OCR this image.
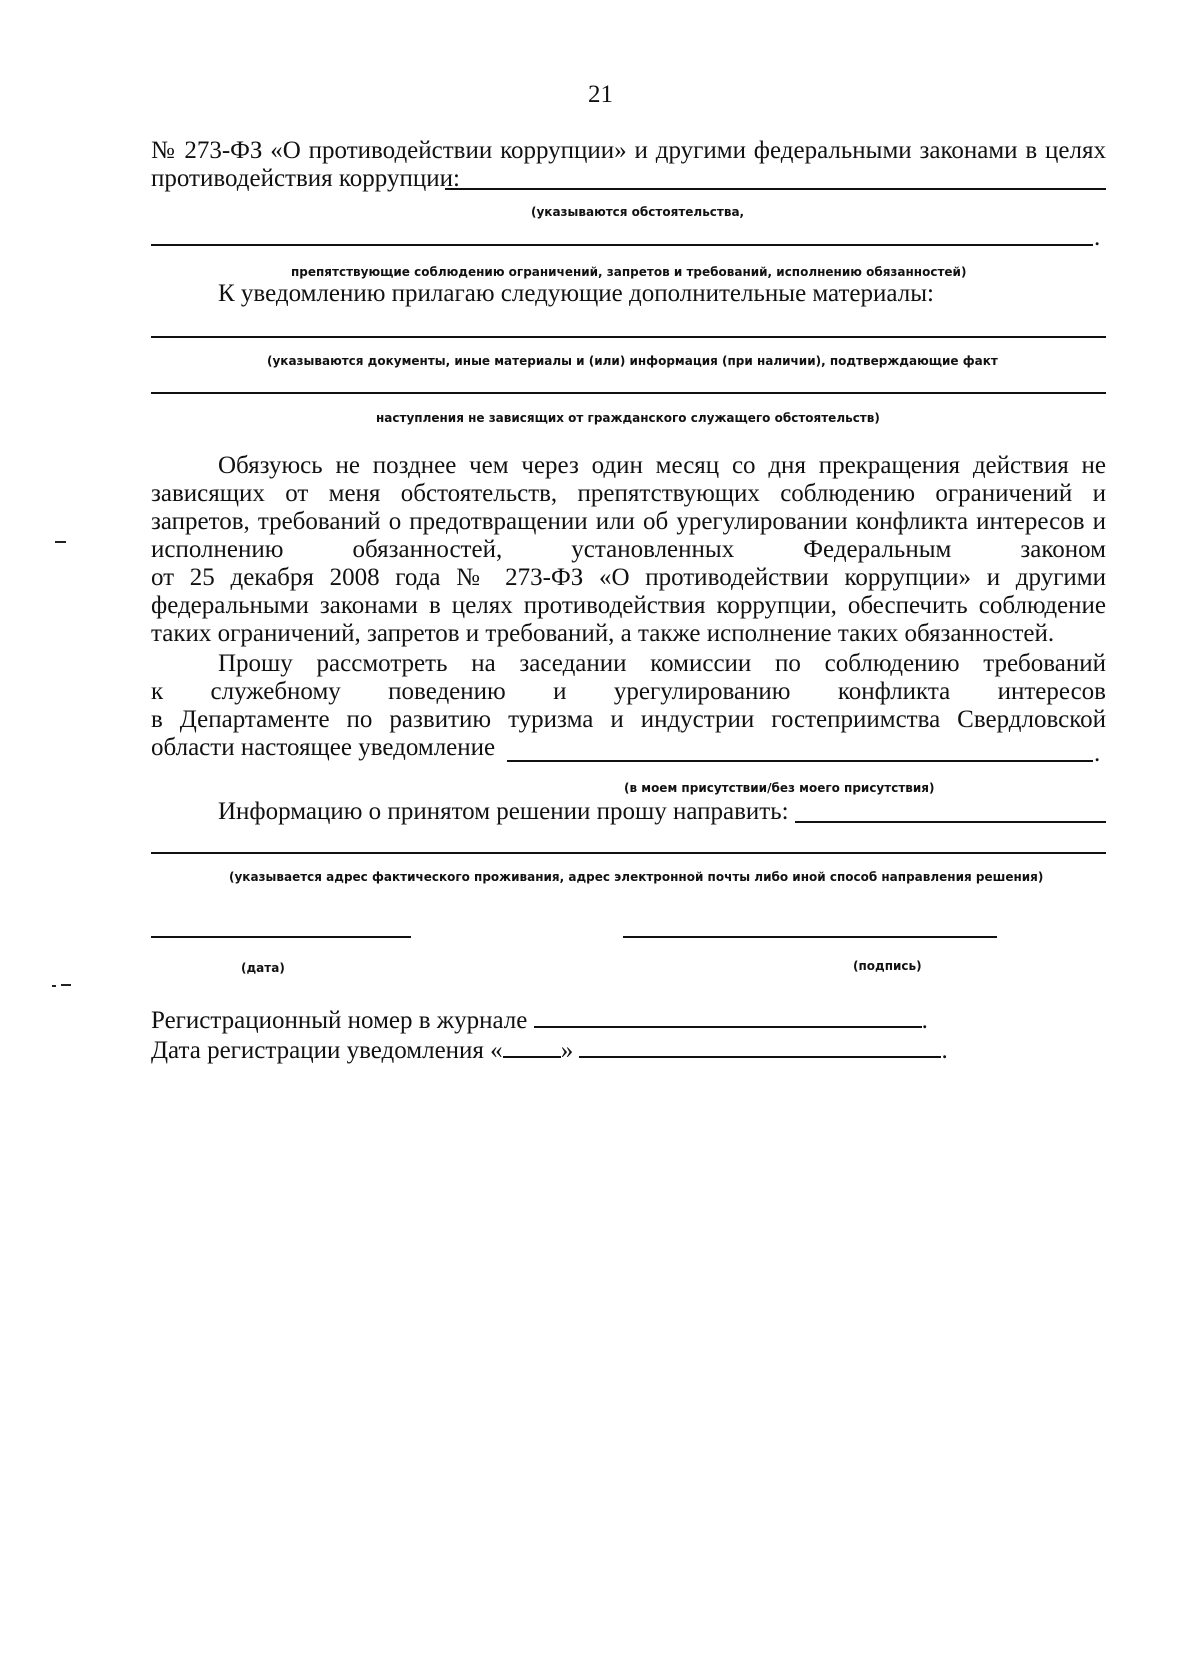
21
№ 273-ФЗ «О противодействии коррупции» и другими федеральными законами в целях
противодействия коррупции:
(указываются обстоятельства,
.
препятствующие соблюдению ограничений, запретов и требований, исполнению обязанностей)
К уведомлению прилагаю следующие дополнительные материалы:
(указываются документы, иные материалы и (или) информация (при наличии), подтверждающие факт
наступления не зависящих от гражданского служащего обстоятельств)
Обязуюсь не позднее чем через один месяц со дня прекращения действия не
зависящих от меня обстоятельств, препятствующих соблюдению ограничений и
запретов, требований о предотвращении или об урегулировании конфликта интересов и
исполнению обязанностей, установленных Федеральным законом
от 25 декабря 2008 года № 273-ФЗ «О противодействии коррупции» и другими
федеральными законами в целях противодействия коррупции, обеспечить соблюдение
таких ограничений, запретов и требований, а также исполнение таких обязанностей.
Прошу рассмотреть на заседании комиссии по соблюдению требований
к служебному поведению и урегулированию конфликта интересов
в Департаменте по развитию туризма и индустрии гостеприимства Свердловской
области настоящее уведомление	.
(в моем присутствии/без моего присутствия)
Информацию о принятом решении прошу направить:
(указывается адрес фактического проживания, адрес электронной почты либо иной способ направления решения)
(дата)	(подпись)
Регистрационный номер в журнале	.
Дата регистрации уведомления « »	.
